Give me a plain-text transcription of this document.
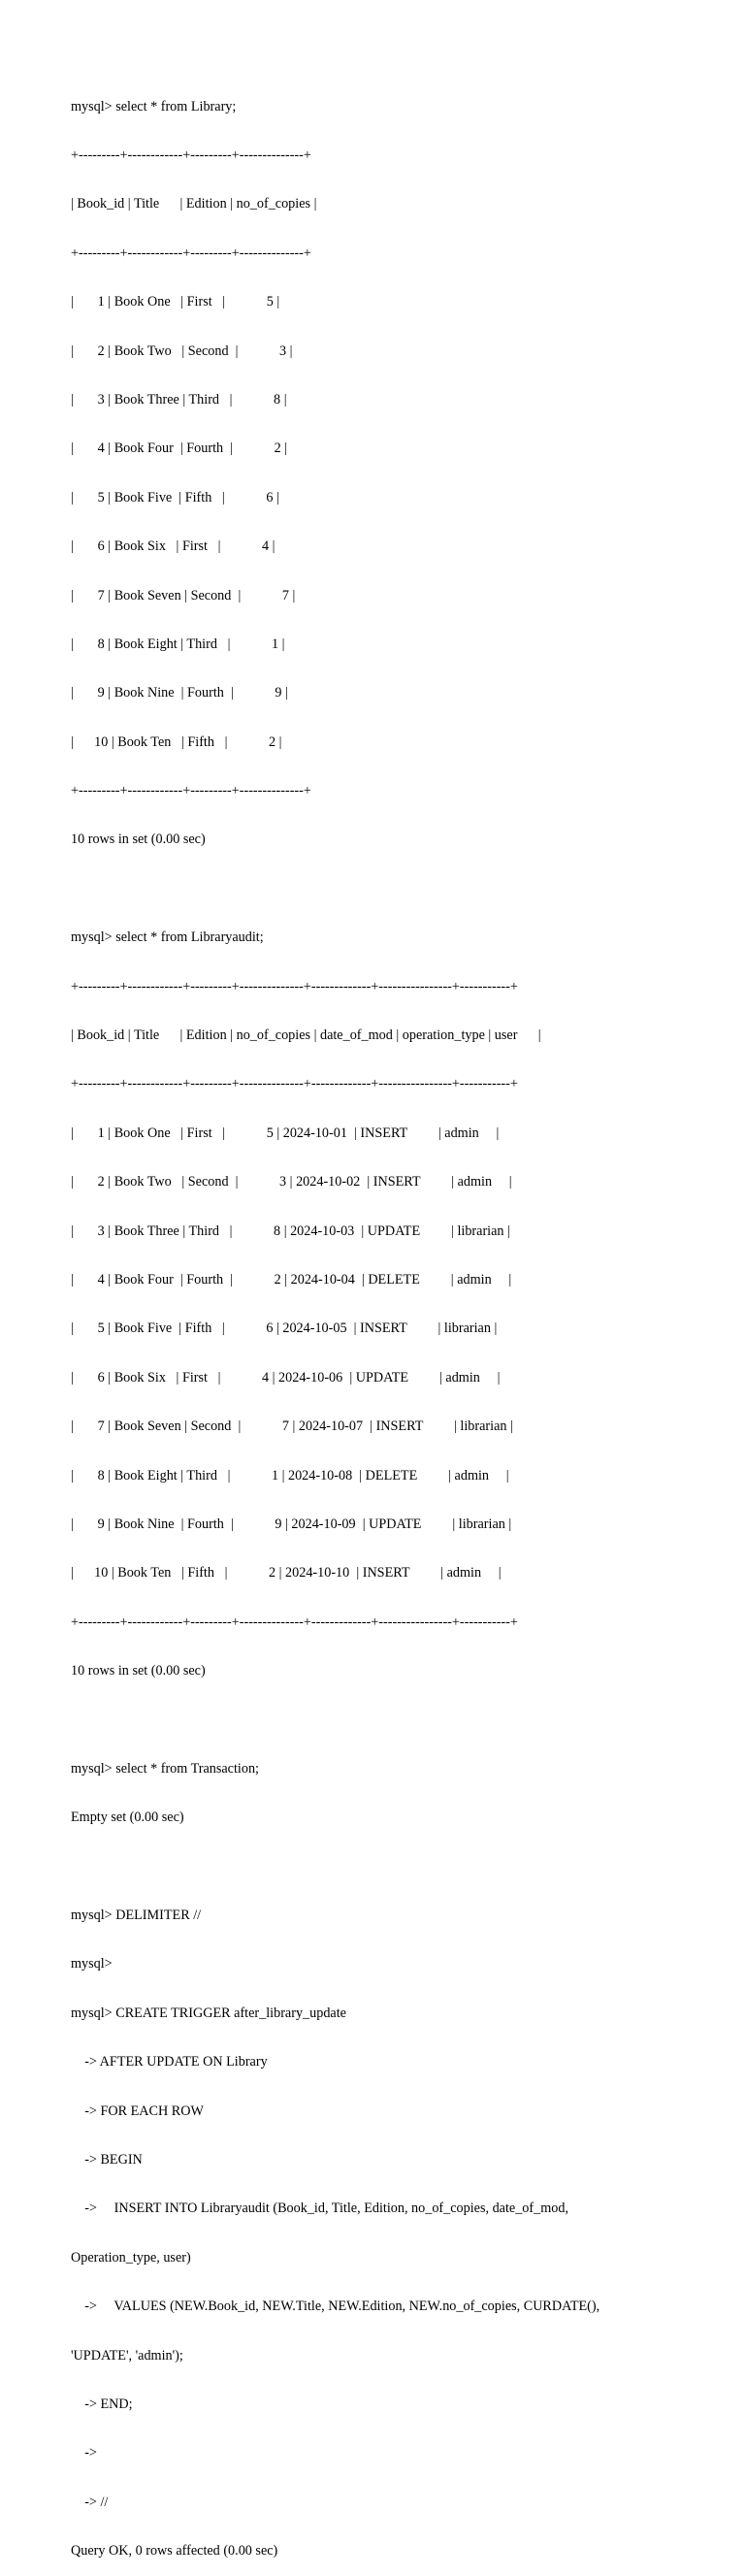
mysql> select * from Library;

+---------+------------+---------+--------------+

| Book_id | Title      | Edition | no_of_copies |

+---------+------------+---------+--------------+

|       1 | Book One   | First   |            5 |

|       2 | Book Two   | Second  |            3 |

|       3 | Book Three | Third   |            8 |

|       4 | Book Four  | Fourth  |            2 |

|       5 | Book Five  | Fifth   |            6 |

|       6 | Book Six   | First   |            4 |

|       7 | Book Seven | Second  |            7 |

|       8 | Book Eight | Third   |            1 |

|       9 | Book Nine  | Fourth  |            9 |

|      10 | Book Ten   | Fifth   |            2 |

+---------+------------+---------+--------------+

10 rows in set (0.00 sec)

mysql> select * from Libraryaudit;

+---------+------------+---------+--------------+-------------+----------------+-----------+

| Book_id | Title      | Edition | no_of_copies | date_of_mod | operation_type | user      |

+---------+------------+---------+--------------+-------------+----------------+-----------+

|       1 | Book One   | First   |            5 | 2024-10-01  | INSERT         | admin     |

|       2 | Book Two   | Second  |            3 | 2024-10-02  | INSERT         | admin     |

|       3 | Book Three | Third   |            8 | 2024-10-03  | UPDATE         | librarian |

|       4 | Book Four  | Fourth  |            2 | 2024-10-04  | DELETE         | admin     |

|       5 | Book Five  | Fifth   |            6 | 2024-10-05  | INSERT         | librarian |

|       6 | Book Six   | First   |            4 | 2024-10-06  | UPDATE         | admin     |

|       7 | Book Seven | Second  |            7 | 2024-10-07  | INSERT         | librarian |

|       8 | Book Eight | Third   |            1 | 2024-10-08  | DELETE         | admin     |

|       9 | Book Nine  | Fourth  |            9 | 2024-10-09  | UPDATE         | librarian |

|      10 | Book Ten   | Fifth   |            2 | 2024-10-10  | INSERT         | admin     |

+---------+------------+---------+--------------+-------------+----------------+-----------+

10 rows in set (0.00 sec)

mysql> select * from Transaction;

Empty set (0.00 sec)

mysql> DELIMITER //

mysql>

mysql> CREATE TRIGGER after_library_update

-> AFTER UPDATE ON Library

-> FOR EACH ROW

-> BEGIN

->     INSERT INTO Libraryaudit (Book_id, Title, Edition, no_of_copies, date_of_mod,

Operation_type, user)

->     VALUES (NEW.Book_id, NEW.Title, NEW.Edition, NEW.no_of_copies, CURDATE(),

'UPDATE', 'admin');

-> END;

->

-> //

Query OK, 0 rows affected (0.00 sec)
